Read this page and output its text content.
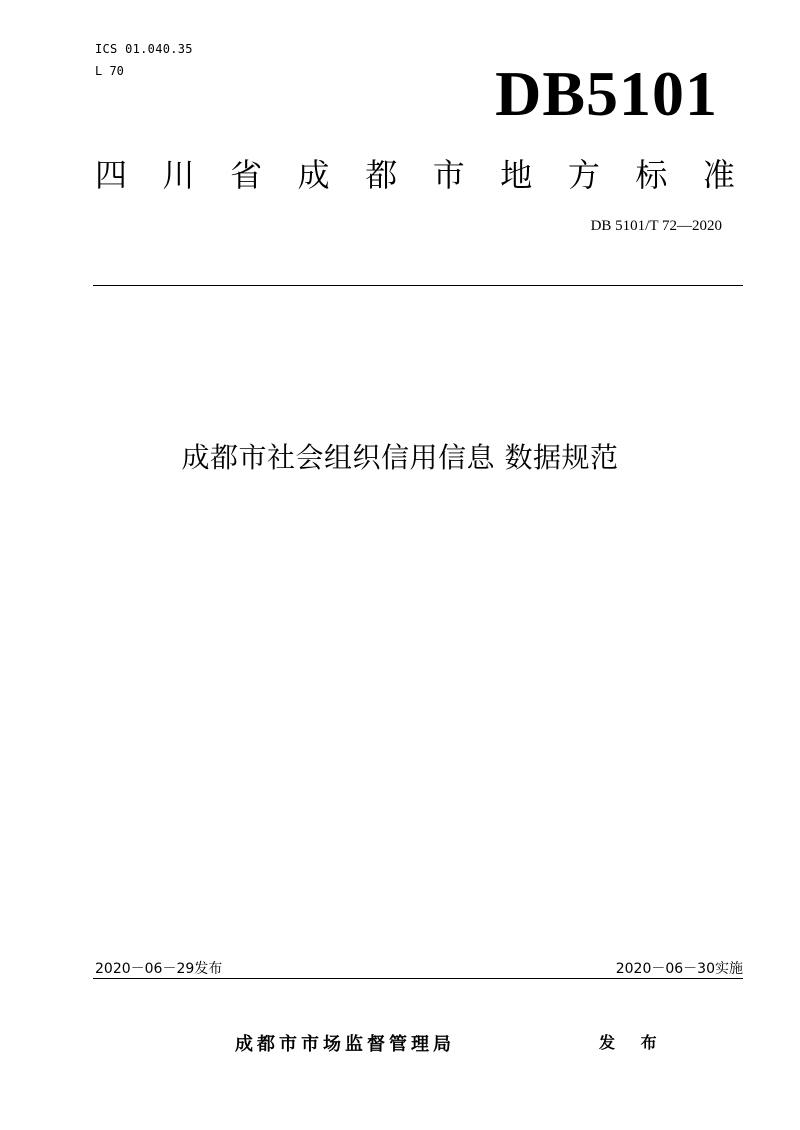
ICS 01.040.35
L 70	DB5101
四 川 省 成 都 市 地 方 标 准
DB 5101/T 72—2020
成都市社会组织信用信息 数据规范
2020－06－29发布	2020－06－30实施
成都市市场监督管理局	发 布
